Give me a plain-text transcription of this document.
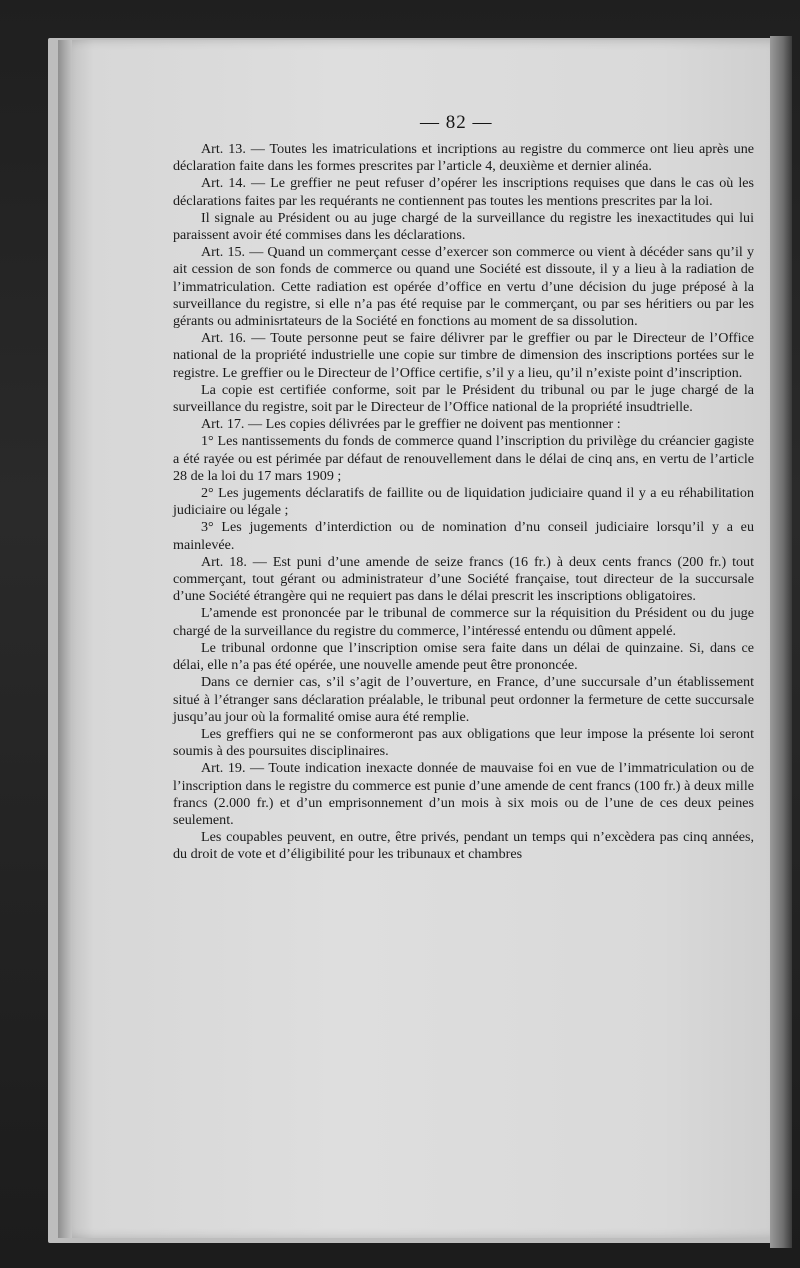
— 82 —

Art. 13. — Toutes les imatriculations et incriptions au registre du commerce ont lieu après une déclaration faite dans les formes prescrites par l’article 4, deuxième et dernier alinéa.

Art. 14. — Le greffier ne peut refuser d’opérer les inscriptions requises que dans le cas où les déclarations faites par les requérants ne contiennent pas toutes les mentions prescrites par la loi.

Il signale au Président ou au juge chargé de la surveillance du registre les inexactitudes qui lui paraissent avoir été commises dans les déclarations.

Art. 15. — Quand un commerçant cesse d’exercer son commerce ou vient à décéder sans qu’il y ait cession de son fonds de commerce ou quand une Société est dissoute, il y a lieu à la radiation de l’immatriculation. Cette radiation est opérée d’office en vertu d’une décision du juge préposé à la surveillance du registre, si elle n’a pas été requise par le commerçant, ou par ses héritiers ou par les gérants ou adminisrtateurs de la Société en fonctions au moment de sa dissolution.

Art. 16. — Toute personne peut se faire délivrer par le greffier ou par le Directeur de l’Office national de la propriété industrielle une copie sur timbre de dimension des inscriptions portées sur le registre. Le greffier ou le Directeur de l’Office certifie, s’il y a lieu, qu’il n’existe point d’inscription.

La copie est certifiée conforme, soit par le Président du tribunal ou par le juge chargé de la surveillance du registre, soit par le Directeur de l’Office national de la propriété insudtrielle.

Art. 17. — Les copies délivrées par le greffier ne doivent pas mentionner :

1° Les nantissements du fonds de commerce quand l’inscription du privilège du créancier gagiste a été rayée ou est périmée par défaut de renouvellement dans le délai de cinq ans, en vertu de l’article 28 de la loi du 17 mars 1909 ;

2° Les jugements déclaratifs de faillite ou de liquidation judiciaire quand il y a eu réhabilitation judiciaire ou légale ;

3° Les jugements d’interdiction ou de nomination d’nu conseil judiciaire lorsqu’il y a eu mainlevée.

Art. 18. — Est puni d’une amende de seize francs (16 fr.) à deux cents francs (200 fr.) tout commerçant, tout gérant ou administrateur d’une Société française, tout directeur de la succursale d’une Société étrangère qui ne requiert pas dans le délai prescrit les inscriptions obligatoires.

L’amende est prononcée par le tribunal de commerce sur la réquisition du Président ou du juge chargé de la surveillance du registre du commerce, l’intéressé entendu ou dûment appelé.

Le tribunal ordonne que l’inscription omise sera faite dans un délai de quinzaine. Si, dans ce délai, elle n’a pas été opérée, une nouvelle amende peut être prononcée.

Dans ce dernier cas, s’il s’agit de l’ouverture, en France, d’une succursale d’un établissement situé à l’étranger sans déclaration préalable, le tribunal peut ordonner la fermeture de cette succursale jusqu’au jour où la formalité omise aura été remplie.

Les greffiers qui ne se conformeront pas aux obligations que leur impose la présente loi seront soumis à des poursuites disciplinaires.

Art. 19. — Toute indication inexacte donnée de mauvaise foi en vue de l’immatriculation ou de l’inscription dans le registre du commerce est punie d’une amende de cent francs (100 fr.) à deux mille francs (2.000 fr.) et d’un emprisonnement d’un mois à six mois ou de l’une de ces deux peines seulement.

Les coupables peuvent, en outre, être privés, pendant un temps qui n’excèdera pas cinq années, du droit de vote et d’éligibilité pour les tribunaux et chambres
